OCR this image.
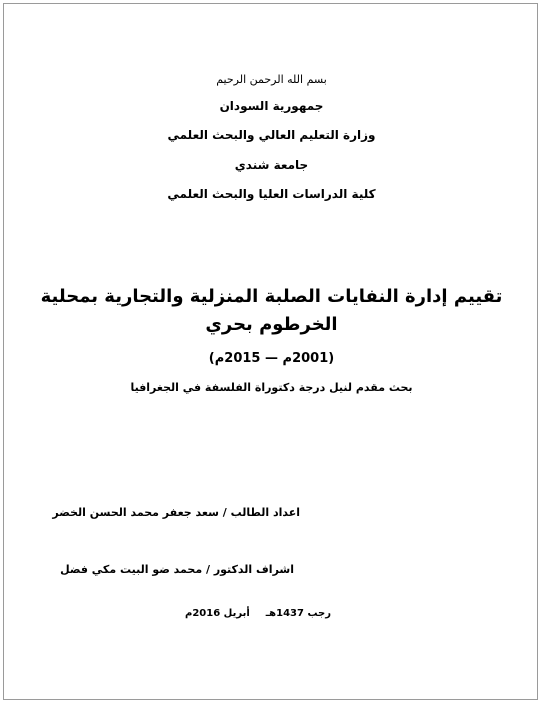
بسم الله الرحمن الرحيم
جمهورية السودان
وزارة التعليم العالي والبحث العلمي
جامعة شندي
كلية الدراسات العليا والبحث العلمي
تقييم إدارة النفايات الصلبة المنزلية والتجارية بمحلية
الخرطوم بحري
(2001م — 2015م)
بحث مقدم لنيل درجة دكتوراة الفلسفة في الجغرافيا
اعداد الطالب / سعد جعفر محمد الحسن الخضر
اشراف الدكتور / محمد ضو البيت مكي فضل
رجب 1437هـأبريل 2016م
